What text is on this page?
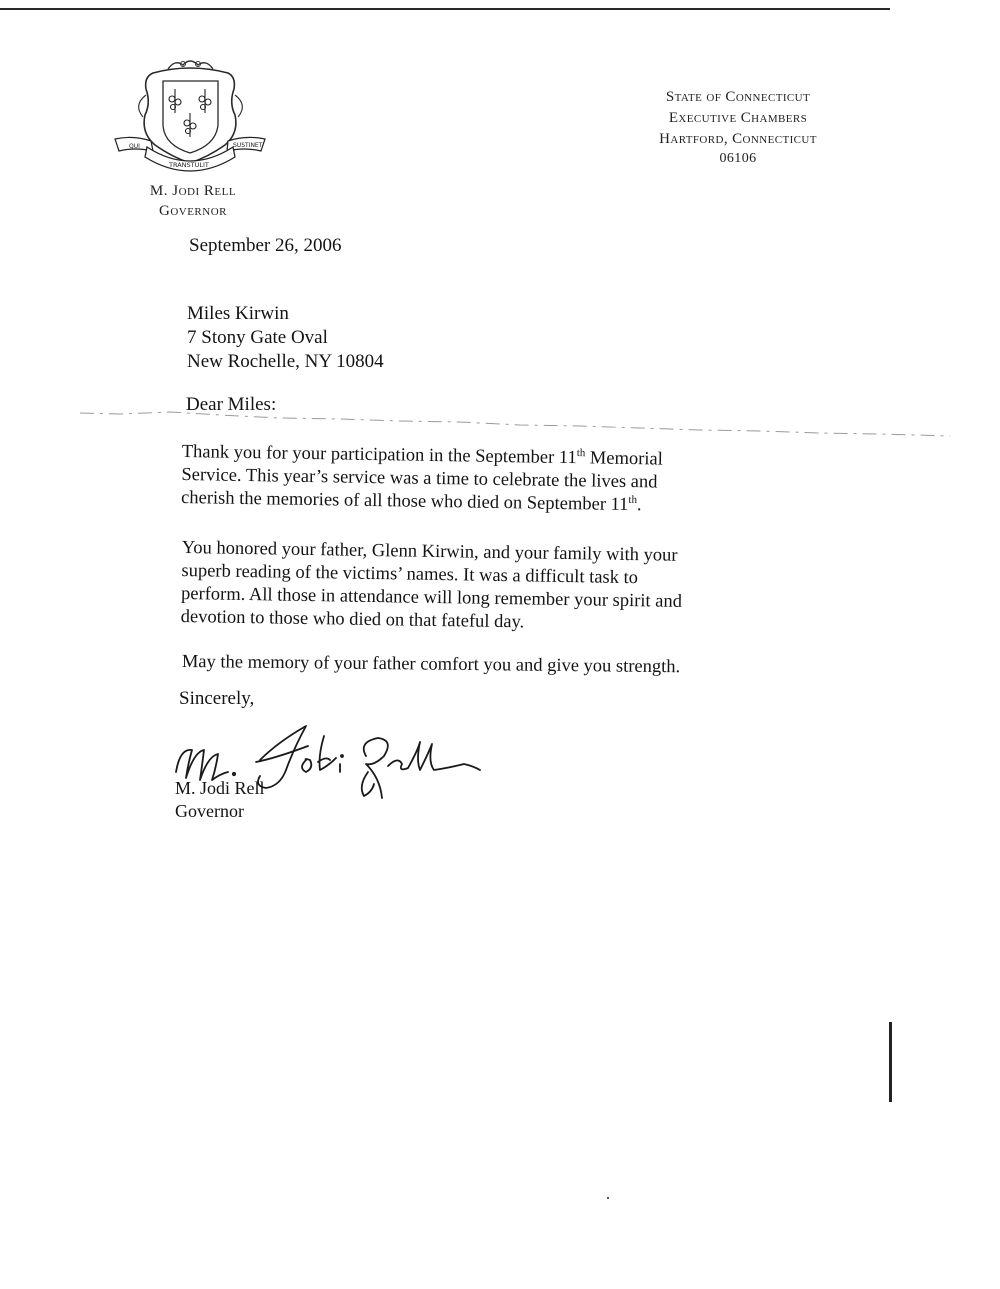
QUI
TRANSTULIT
SUSTINET
M. Jodi Rell
Governor
State of Connecticut
Executive Chambers
Hartford, Connecticut
06106
September 26, 2006
Miles Kirwin
7 Stony Gate Oval
New Rochelle, NY 10804
Dear Miles:
Thank you for your participation in the September 11th Memorial
Service. This year’s service was a time to celebrate the lives and
cherish the memories of all those who died on September 11th.
You honored your father, Glenn Kirwin, and your family with your
superb reading of the victims’ names. It was a difficult task to
perform. All those in attendance will long remember your spirit and
devotion to those who died on that fateful day.
May the memory of your father comfort you and give you strength.
Sincerely,
M. Jodi Rell
Governor
